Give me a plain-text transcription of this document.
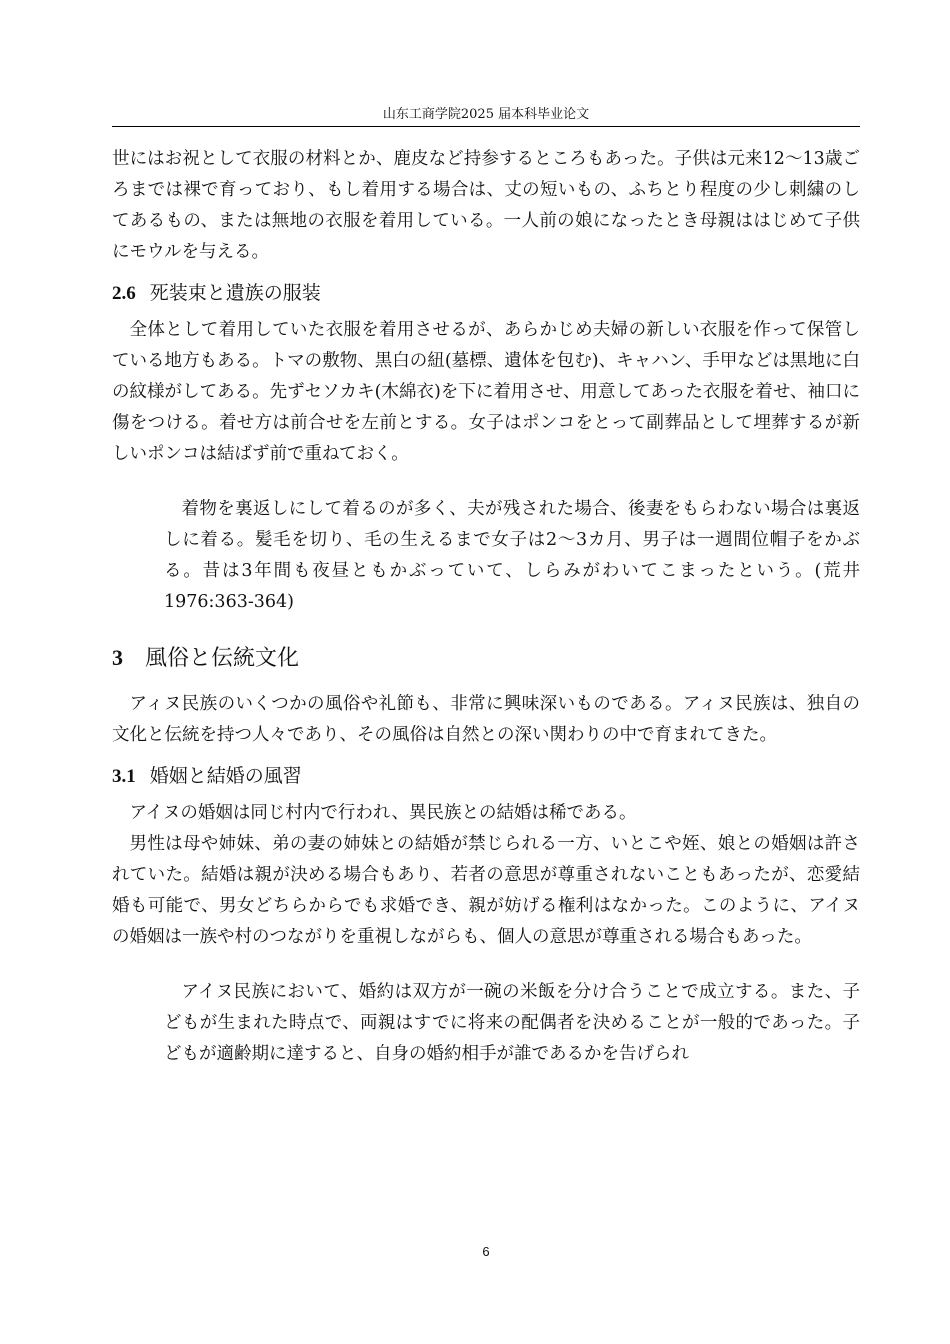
山东工商学院2025 届本科毕业论文

世にはお祝として衣服の材料とか、鹿皮など持参するところもあった。子供は元来12〜13歳ごろまでは裸で育っており、もし着用する場合は、丈の短いもの、ふちとり程度の少し刺繍のしてあるもの、または無地の衣服を着用している。一人前の娘になったとき母親ははじめて子供にモウルを与える。

2.6 死装束と遺族の服装

全体として着用していた衣服を着用させるが、あらかじめ夫婦の新しい衣服を作って保管している地方もある。トマの敷物、黒白の紐(墓標、遺体を包む)、キャハン、手甲などは黒地に白の紋様がしてある。先ずセソカキ(木綿衣)を下に着用させ、用意してあった衣服を着せ、袖口に傷をつける。着せ方は前合せを左前とする。女子はポンコをとって副葬品として埋葬するが新しいポンコは結ばず前で重ねておく。

着物を裏返しにして着るのが多く、夫が残された場合、後妻をもらわない場合は裏返しに着る。髪毛を切り、毛の生えるまで女子は2〜3カ月、男子は一週間位帽子をかぶる。昔は3年間も夜昼ともかぶっていて、しらみがわいてこまったという。(荒井 1976:363-364)

3 風俗と伝統文化

アィヌ民族のいくつかの風俗や礼節も、非常に興味深いものである。アィヌ民族は、独自の文化と伝統を持つ人々であり、その風俗は自然との深い関わりの中で育まれてきた。

3.1 婚姻と結婚の風習

アイヌの婚姻は同じ村内で行われ、異民族との結婚は稀である。

男性は母や姉妹、弟の妻の姉妹との結婚が禁じられる一方、いとこや姪、娘との婚姻は許されていた。結婚は親が決める場合もあり、若者の意思が尊重されないこともあったが、恋愛結婚も可能で、男女どちらからでも求婚でき、親が妨げる権利はなかった。このように、アイヌの婚姻は一族や村のつながりを重視しながらも、個人の意思が尊重される場合もあった。

アイヌ民族において、婚約は双方が一碗の米飯を分け合うことで成立する。また、子どもが生まれた時点で、両親はすでに将来の配偶者を決めることが一般的であった。子どもが適齢期に達すると、自身の婚約相手が誰であるかを告げられ

6
